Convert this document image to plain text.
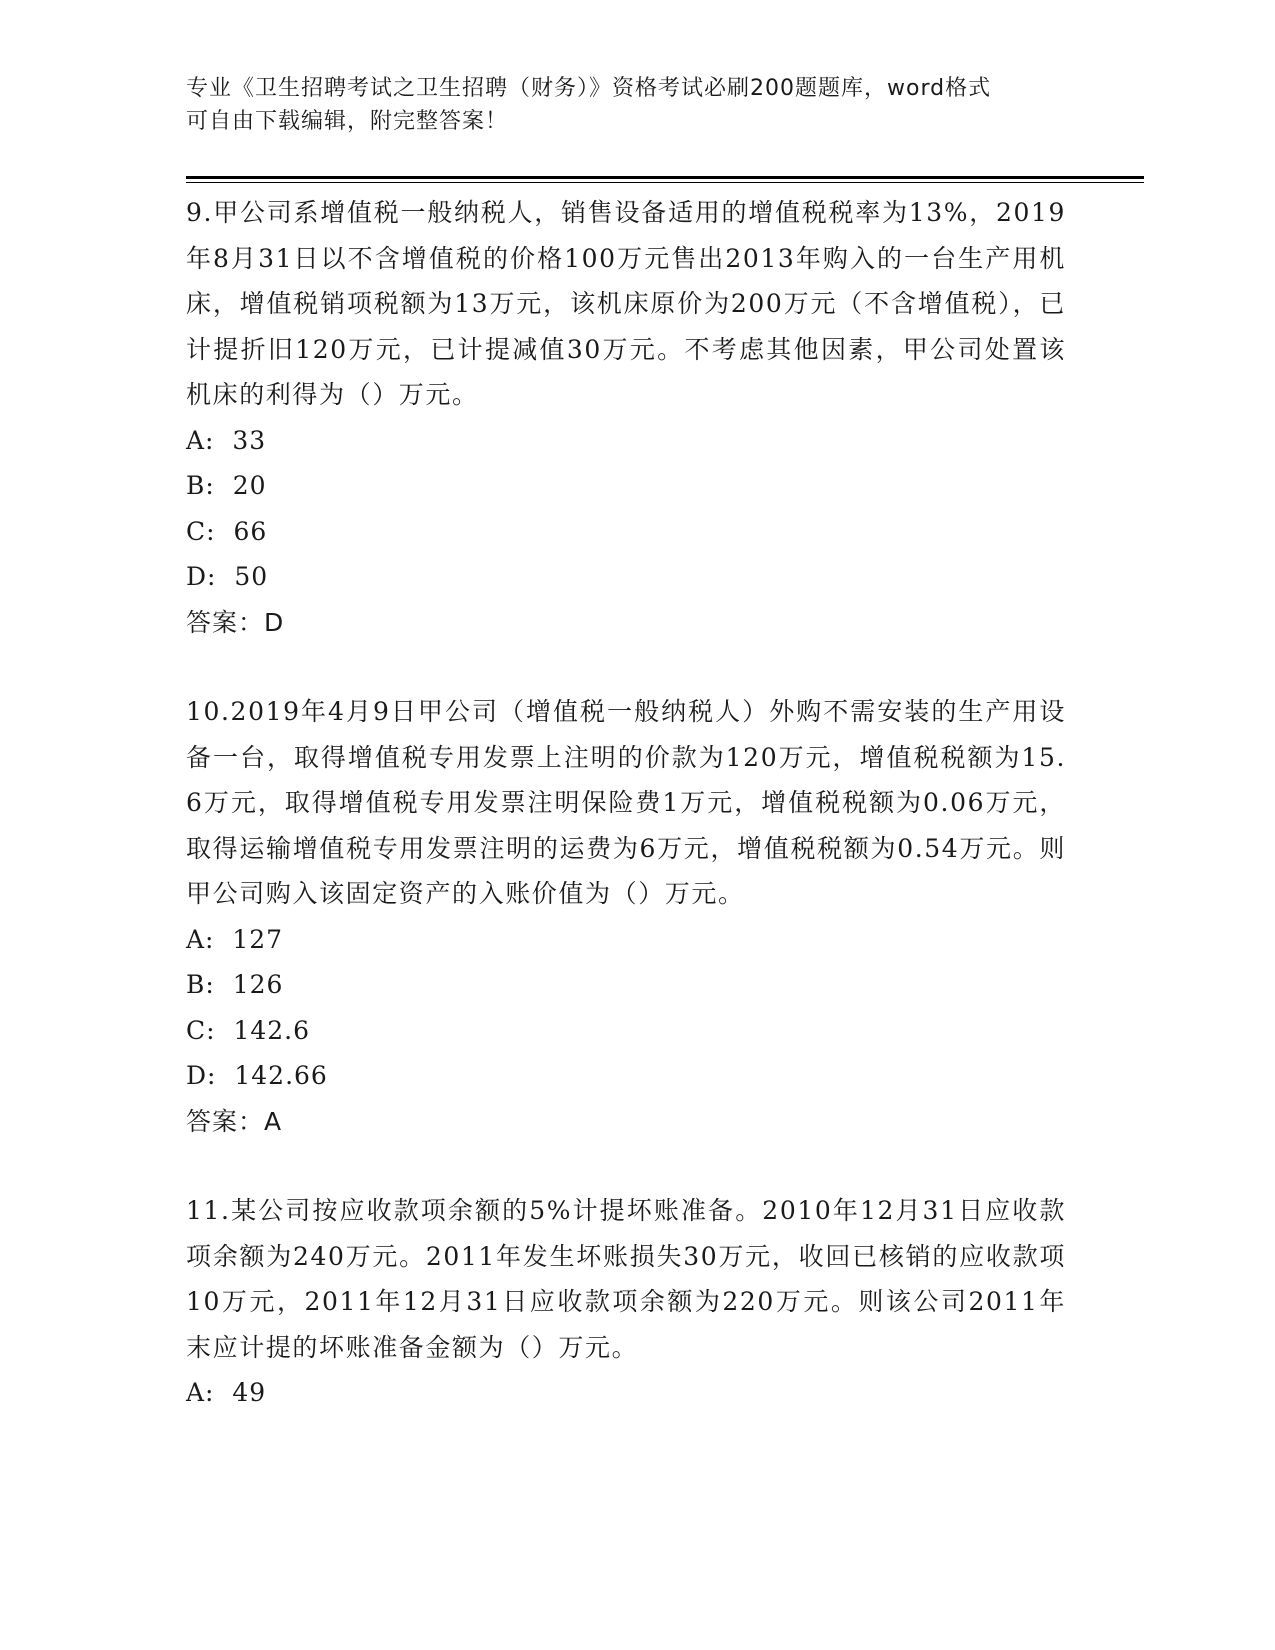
专业《卫生招聘考试之卫生招聘（财务）》资格考试必刷200题题库，word格式
可自由下载编辑，附完整答案！
9.甲公司系增值税一般纳税人，销售设备适用的增值税税率为13%，2019年8月31日以不含增值税的价格100万元售出2013年购入的一台生产用机床，增值税销项税额为13万元，该机床原价为200万元（不含增值税），已计提折旧120万元，已计提减值30万元。不考虑其他因素，甲公司处置该机床的利得为（）万元。
A:  33
B:  20
C:  66
D:  50
答案：D
10.2019年4月9日甲公司（增值税一般纳税人）外购不需安装的生产用设备一台，取得增值税专用发票上注明的价款为120万元，增值税税额为15.6万元，取得增值税专用发票注明保险费1万元，增值税税额为0.06万元，取得运输增值税专用发票注明的运费为6万元，增值税税额为0.54万元。则甲公司购入该固定资产的入账价值为（）万元。
A:  127
B:  126
C:  142.6
D:  142.66
答案：A
11.某公司按应收款项余额的5%计提坏账准备。2010年12月31日应收款项余额为240万元。2011年发生坏账损失30万元，收回已核销的应收款项10万元，2011年12月31日应收款项余额为220万元。则该公司2011年末应计提的坏账准备金额为（）万元。
A:  49
